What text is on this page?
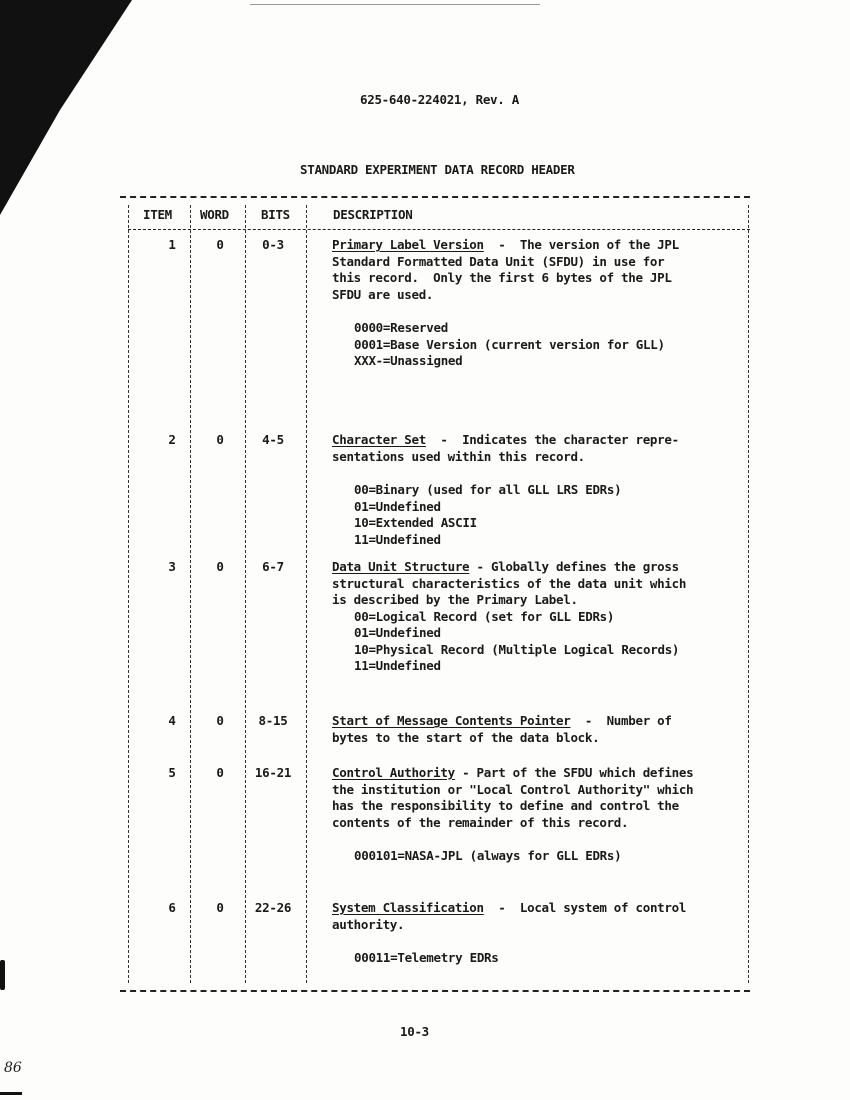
86
625-640-224021, Rev. A
STANDARD EXPERIMENT DATA RECORD HEADER
ITEM WORD	BITS	DESCRIPTION
1	0	0-3	Primary Label Version  -  The version of the JPL
Standard Formatted Data Unit (SFDU) in use for
this record.  Only the first 6 bytes of the JPL
SFDU are used.
0000=Reserved
0001=Base Version (current version for GLL)
XXX-=Unassigned
2	0	4-5	Character Set  -  Indicates the character repre-
sentations used within this record.
00=Binary (used for all GLL LRS EDRs)
01=Undefined
10=Extended ASCII
11=Undefined
3	0	6-7	Data Unit Structure - Globally defines the gross
structural characteristics of the data unit which
is described by the Primary Label.
00=Logical Record (set for GLL EDRs)
01=Undefined
10=Physical Record (Multiple Logical Records)
11=Undefined
4	0	8-15	Start of Message Contents Pointer  -  Number of
bytes to the start of the data block.
5	0	16-21	Control Authority - Part of the SFDU which defines
the institution or "Local Control Authority" which
has the responsibility to define and control the
contents of the remainder of this record.
000101=NASA-JPL (always for GLL EDRs)
6	0	22-26	System Classification  -  Local system of control
authority.
00011=Telemetry EDRs
10-3
